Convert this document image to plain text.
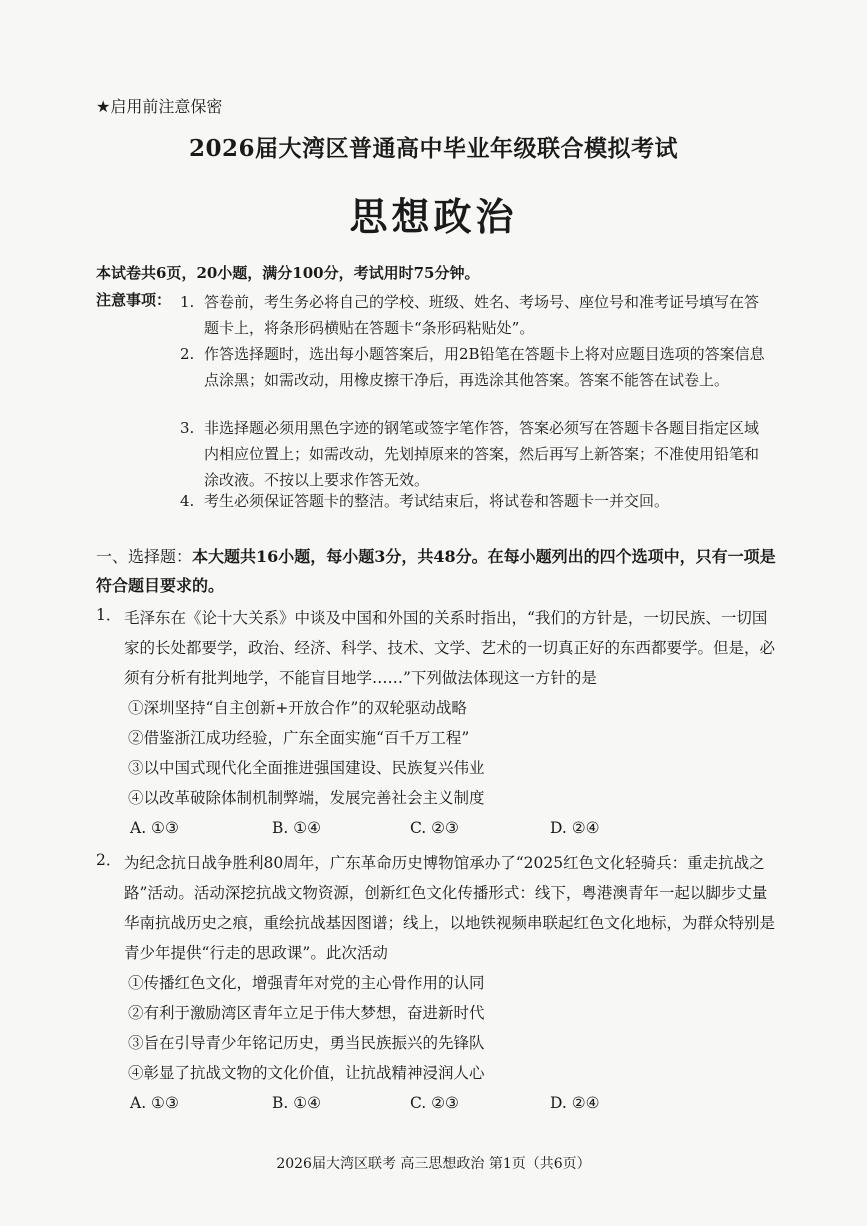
★启用前注意保密
2026届大湾区普通高中毕业年级联合模拟考试
思想政治
本试卷共6页，20小题，满分100分，考试用时75分钟。
注意事项： 1. 答卷前，考生务必将自己的学校、班级、姓名、考场号、座位号和准考证号填写在答题卡上，将条形码横贴在答题卡“条形码粘贴处”。
2. 作答选择题时，选出每小题答案后，用2B铅笔在答题卡上将对应题目选项的答案信息点涂黑；如需改动，用橡皮擦干净后，再选涂其他答案。答案不能答在试卷上。
3. 非选择题必须用黑色字迹的钢笔或签字笔作答，答案必须写在答题卡各题目指定区域内相应位置上；如需改动，先划掉原来的答案，然后再写上新答案；不准使用铅笔和涂改液。不按以上要求作答无效。
4. 考生必须保证答题卡的整洁。考试结束后，将试卷和答题卡一并交回。
一、选择题：本大题共16小题，每小题3分，共48分。在每小题列出的四个选项中，只有一项是符合题目要求的。
1． 毛泽东在《论十大关系》中谈及中国和外国的关系时指出，“我们的方针是，一切民族、一切国家的长处都要学，政治、经济、科学、技术、文学、艺术的一切真正好的东西都要学。但是，必须有分析有批判地学，不能盲目地学……”下列做法体现这一方针的是
①深圳坚持“自主创新+开放合作”的双轮驱动战略
②借鉴浙江成功经验，广东全面实施“百千万工程”
③以中国式现代化全面推进强国建设、民族复兴伟业
④以改革破除体制机制弊端，发展完善社会主义制度
A. ①③	B. ①④	C. ②③	D. ②④
2． 为纪念抗日战争胜利80周年，广东革命历史博物馆承办了“2025红色文化轻骑兵：重走抗战之路”活动。活动深挖抗战文物资源，创新红色文化传播形式：线下，粤港澳青年一起以脚步丈量华南抗战历史之痕，重绘抗战基因图谱；线上，以地铁视频串联起红色文化地标，为群众特别是青少年提供“行走的思政课”。此次活动
①传播红色文化，增强青年对党的主心骨作用的认同
②有利于激励湾区青年立足于伟大梦想，奋进新时代
③旨在引导青少年铭记历史，勇当民族振兴的先锋队
④彰显了抗战文物的文化价值，让抗战精神浸润人心
A. ①③	B. ①④	C. ②③	D. ②④
2026届大湾区联考 高三思想政治 第1页（共6页）
